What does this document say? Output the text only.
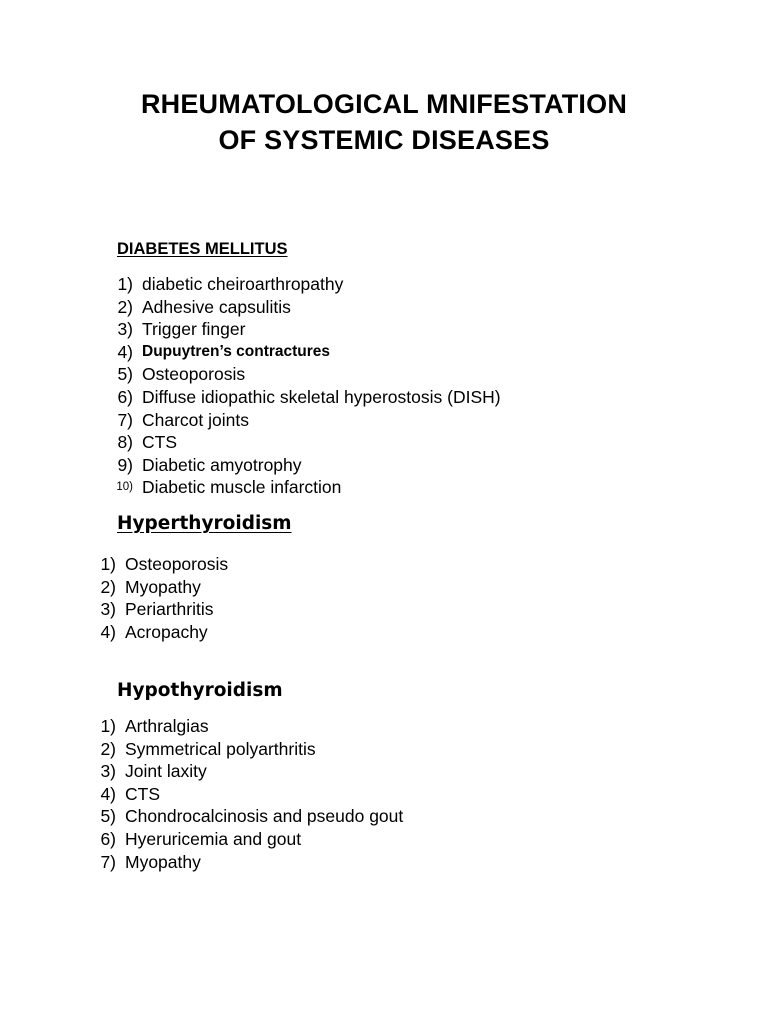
RHEUMATOLOGICAL MNIFESTATION
OF SYSTEMIC DISEASES
DIABETES MELLITUS
1) diabetic cheiroarthropathy
2) Adhesive capsulitis
3) Trigger finger
4) Dupuytren’s contractures
5) Osteoporosis
6) Diffuse idiopathic skeletal hyperostosis (DISH)
7) Charcot joints
8) CTS
9) Diabetic amyotrophy
10) Diabetic muscle infarction
Hyperthyroidism
1) Osteoporosis
2) Myopathy
3) Periarthritis
4) Acropachy
Hypothyroidism
1) Arthralgias
2) Symmetrical polyarthritis
3) Joint laxity
4) CTS
5) Chondrocalcinosis and pseudo gout
6) Hyeruricemia and gout
7) Myopathy
